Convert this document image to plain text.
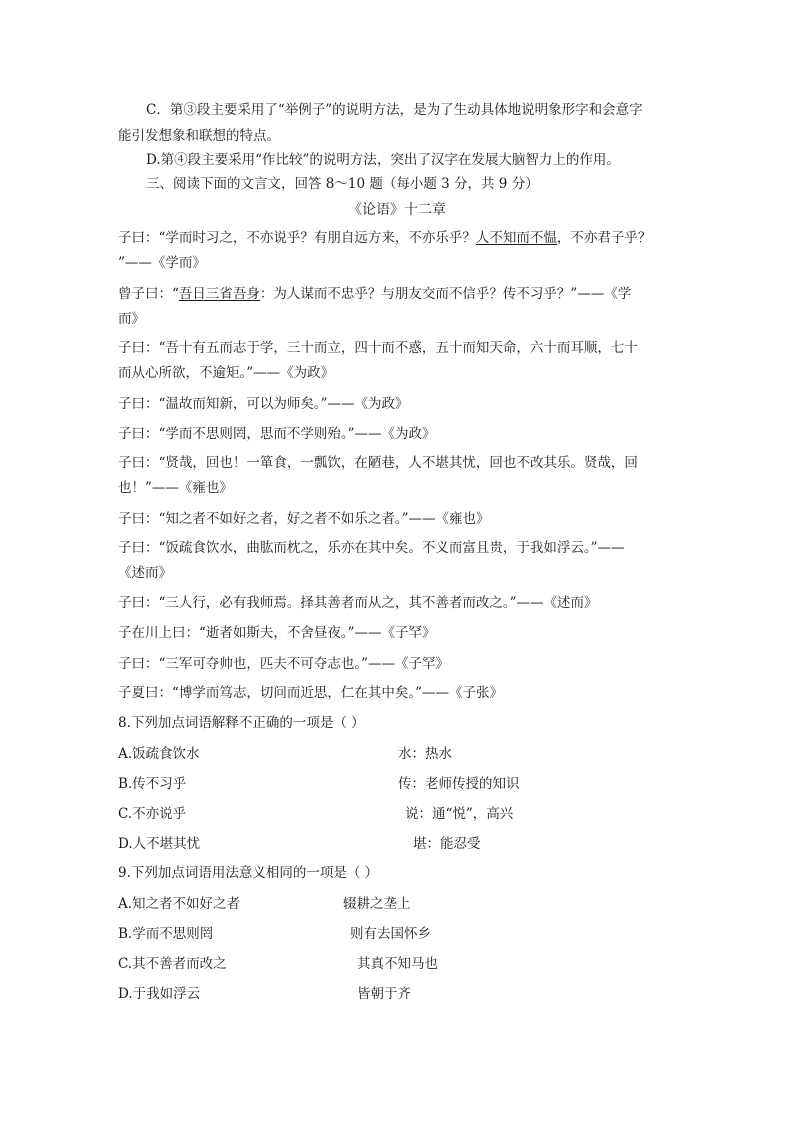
C．第③段主要采用了“举例子”的说明方法，是为了生动具体地说明象形字和会意字
能引发想象和联想的特点。
D.第④段主要采用“作比较”的说明方法，突出了汉字在发展大脑智力上的作用。
三、阅读下面的文言文，回答 8～10 题（每小题 3 分，共 9 分）
《论语》十二章
子曰：“学而时习之，不亦说乎？有朋自远方来，不亦乐乎？人不知而不愠，不亦君子乎？
”——《学而》
曾子曰：“吾日三省吾身：为人谋而不忠乎？与朋友交而不信乎？传不习乎？”——《学
而》
子曰：“吾十有五而志于学，三十而立，四十而不惑，五十而知天命，六十而耳顺，七十
而从心所欲，不逾矩。”——《为政》
子曰：“温故而知新，可以为师矣。”——《为政》
子曰：“学而不思则罔，思而不学则殆。”——《为政》
子曰：“贤哉，回也！一箪食，一瓢饮，在陋巷，人不堪其忧，回也不改其乐。贤哉，回
也！”——《雍也》
子曰：“知之者不如好之者，好之者不如乐之者。”——《雍也》
子曰：“饭疏食饮水，曲肱而枕之，乐亦在其中矣。不义而富且贵，于我如浮云。”——
《述而》
子曰：“三人行，必有我师焉。择其善者而从之，其不善者而改之。”——《述而》
子在川上曰：“逝者如斯夫，不舍昼夜。”——《子罕》
子曰：“三军可夺帅也，匹夫不可夺志也。”——《子罕》
子夏曰：“博学而笃志，切问而近思，仁在其中矣。”——《子张》
8.下列加点词语解释不正确的一项是（ ）
A.饭疏食饮水	水：热水
B.传不习乎	传：老师传授的知识
C.不亦说乎	说：通“悦”，高兴
D.人不堪其忧	堪：能忍受
9.下列加点词语用法意义相同的一项是（ ）
A.知之者不如好之者	辍耕之垄上
B.学而不思则罔	则有去国怀乡
C.其不善者而改之	其真不知马也
D.于我如浮云	皆朝于齐
